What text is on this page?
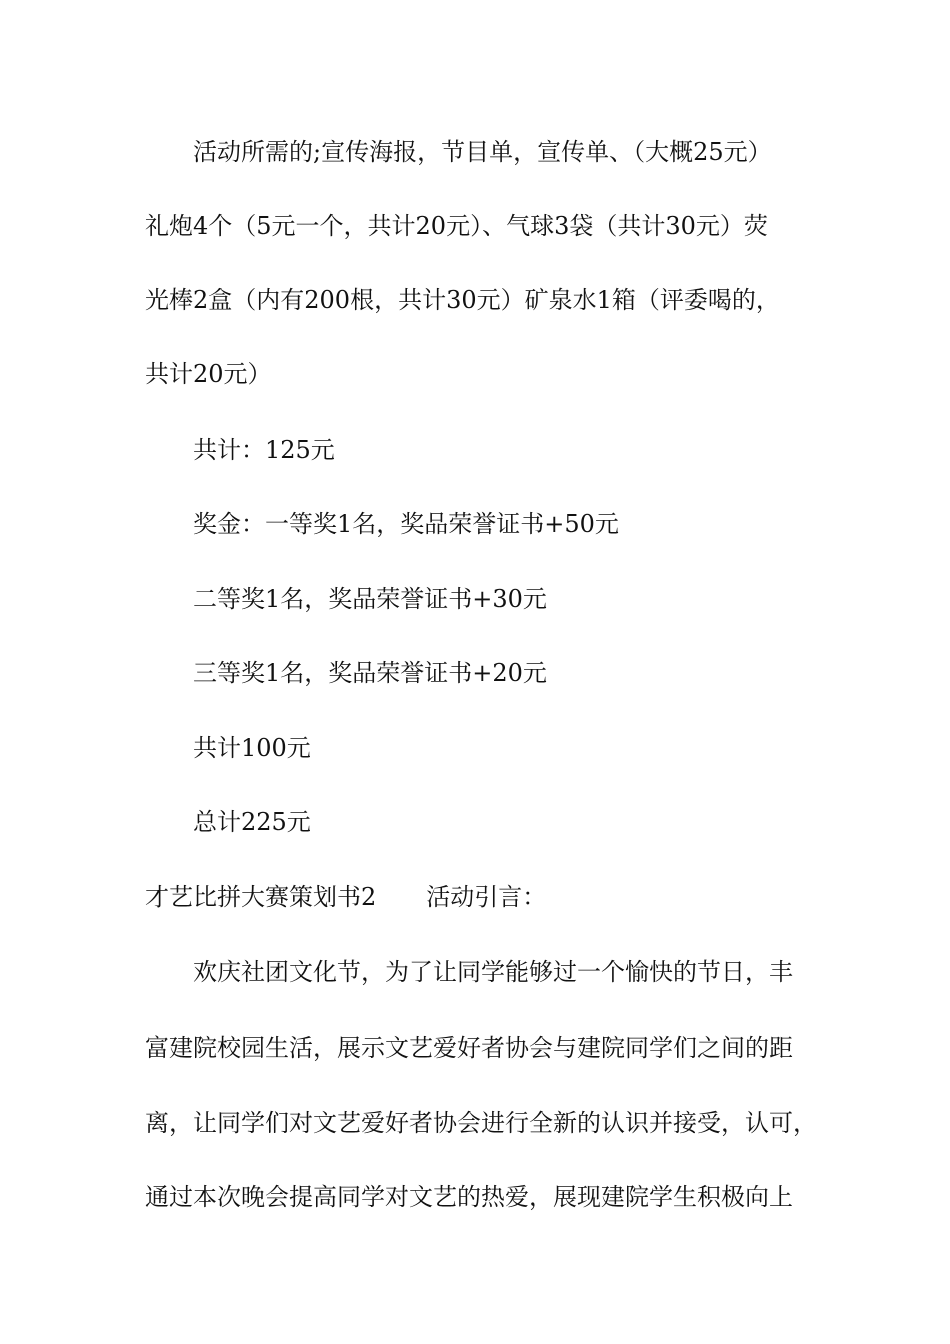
活动所需的;宣传海报，节目单，宣传单、（大概25元）
礼炮4个（5元一个，共计20元）、气球3袋（共计30元）荧
光棒2盒（内有200根，共计30元）矿泉水1箱（评委喝的，
共计20元）
共计：125元
奖金：一等奖1名，奖品荣誉证书+50元
二等奖1名，奖品荣誉证书+30元
三等奖1名，奖品荣誉证书+20元
共计100元
总计225元
才艺比拼大赛策划书2 活动引言：
欢庆社团文化节，为了让同学能够过一个愉快的节日，丰
富建院校园生活，展示文艺爱好者协会与建院同学们之间的距
离，让同学们对文艺爱好者协会进行全新的认识并接受，认可，
通过本次晚会提高同学对文艺的热爱，展现建院学生积极向上
